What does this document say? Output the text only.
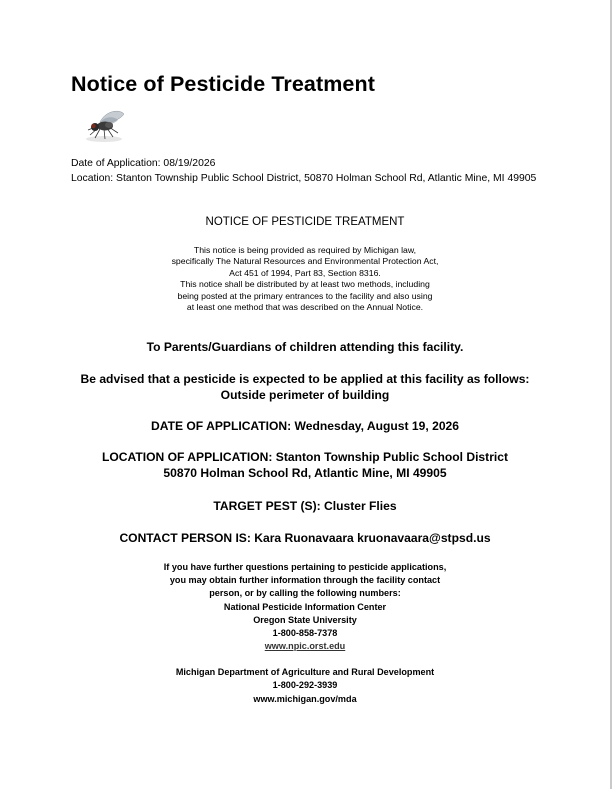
Notice of Pesticide Treatment
Date of Application: 08/19/2026
Location: Stanton Township Public School District, 50870 Holman School Rd, Atlantic Mine, MI 49905
NOTICE OF PESTICIDE TREATMENT
This notice is being provided as required by Michigan law,
specifically The Natural Resources and Environmental Protection Act,
Act 451 of 1994, Part 83, Section 8316.
This notice shall be distributed by at least two methods, including
being posted at the primary entrances to the facility and also using
at least one method that was described on the Annual Notice.
To Parents/Guardians of children attending this facility.
Be advised that a pesticide is expected to be applied at this facility as follows:
Outside perimeter of building
DATE OF APPLICATION: Wednesday, August 19, 2026
LOCATION OF APPLICATION: Stanton Township Public School District
50870 Holman School Rd, Atlantic Mine, MI 49905
TARGET PEST (S): Cluster Flies
CONTACT PERSON IS: Kara Ruonavaara kruonavaara@stpsd.us
If you have further questions pertaining to pesticide applications,
you may obtain further information through the facility contact
person, or by calling the following numbers:
National Pesticide Information Center
Oregon State University
1-800-858-7378
www.npic.orst.edu
Michigan Department of Agriculture and Rural Development
1-800-292-3939
www.michigan.gov/mda
